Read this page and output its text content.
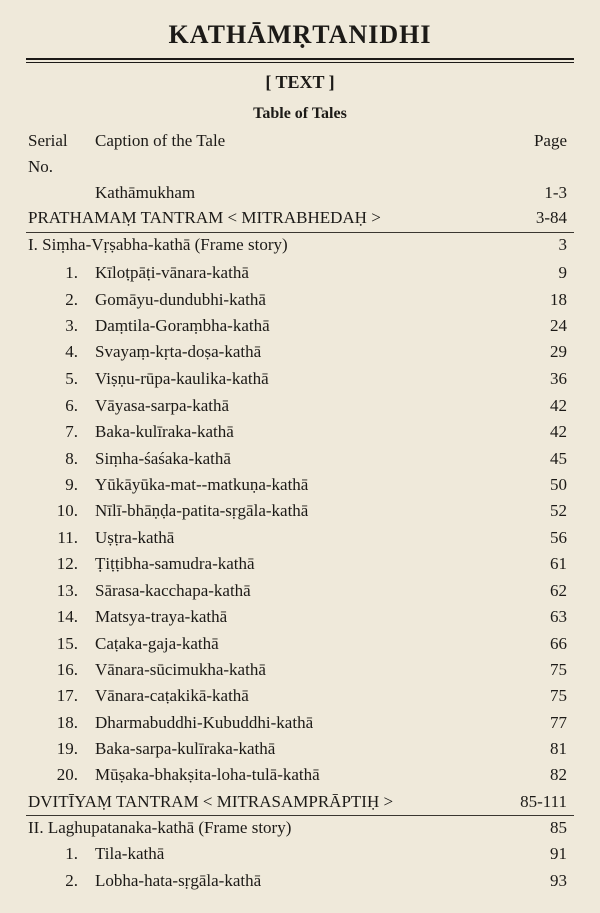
KATHĀMṚTANIDHI
[ TEXT ]
Table of Tales
Serial
No.
Caption of the Tale	Page
Kathāmukham	1-3
PRATHAMAṂ TANTRAM < MITRABHEDAḤ >	3-84
I. Siṃha-Vṛṣabha-kathā (Frame story)	3
1. Kīloṭpāṭi-vānara-kathā	9
2. Gomāyu-dundubhi-kathā	18
3. Daṃtila-Goraṃbha-kathā	24
4. Svayaṃ-kṛta-doṣa-kathā	29
5. Viṣṇu-rūpa-kaulika-kathā	36
6. Vāyasa-sarpa-kathā	42
7. Baka-kulīraka-kathā	42
8. Siṃha-śaśaka-kathā	45
9. Yūkāyūka-mat--matkuṇa-kathā	50
10. Nīlī-bhāṇḍa-patita-sṛgāla-kathā	52
11. Uṣṭra-kathā	56
12. Ṭiṭṭibha-samudra-kathā	61
13. Sārasa-kacchapa-kathā	62
14. Matsya-traya-kathā	63
15. Caṭaka-gaja-kathā	66
16. Vānara-sūcimukha-kathā	75
17. Vānara-caṭakikā-kathā	75
18. Dharmabuddhi-Kubuddhi-kathā	77
19. Baka-sarpa-kulīraka-kathā	81
20. Mūṣaka-bhakṣita-loha-tulā-kathā	82
DVITĪYAṂ TANTRAM < MITRASAMPRĀPTIḤ >	85-111
II. Laghupatanaka-kathā (Frame story)	85
1. Tila-kathā	91
2. Lobha-hata-sṛgāla-kathā	93
